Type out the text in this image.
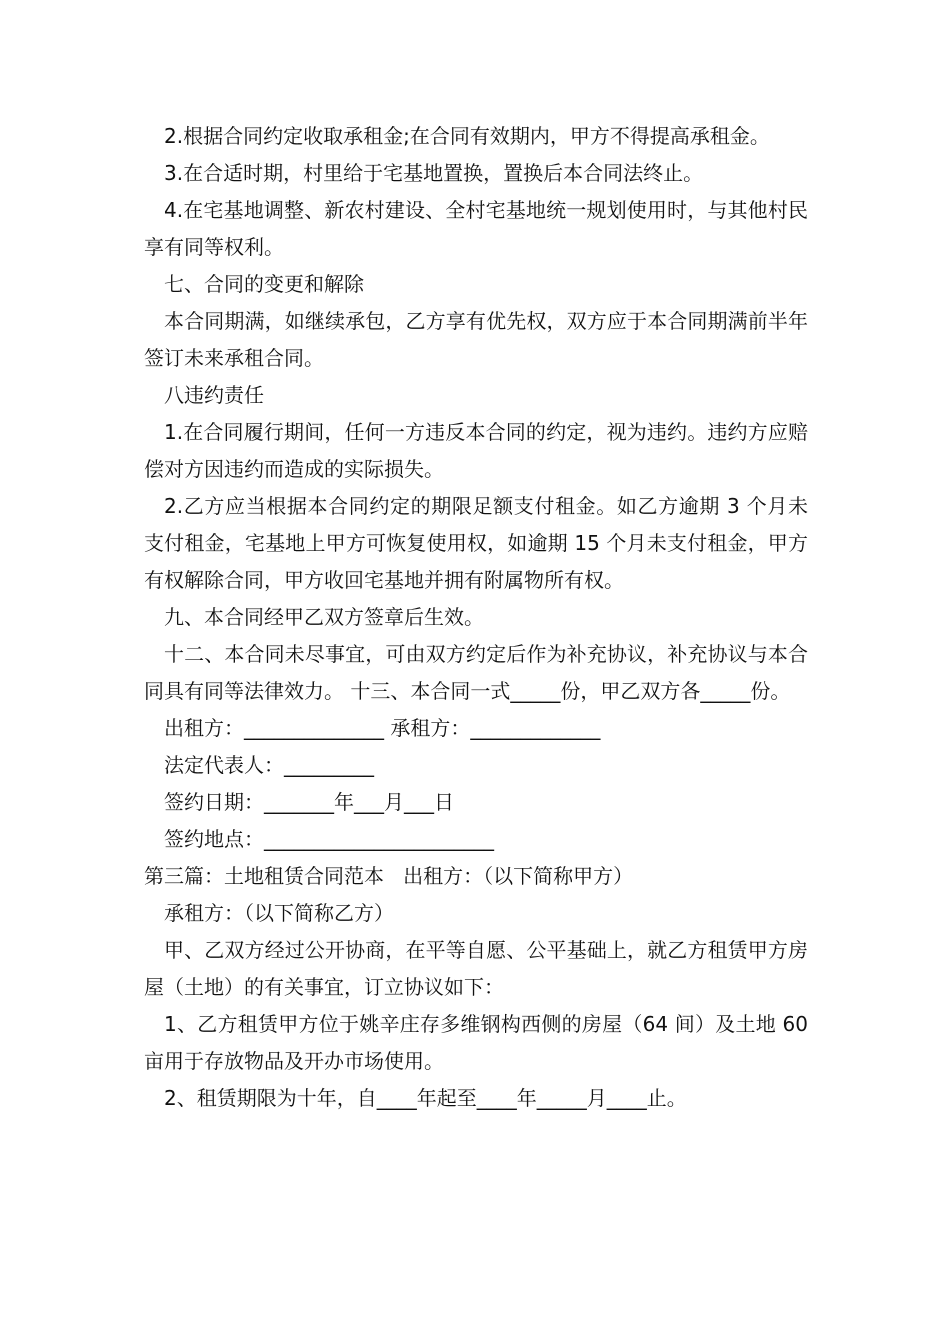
2.根据合同约定收取承租金;在合同有效期内，甲方不得提高承租金。

3.在合适时期，村里给于宅基地置换，置换后本合同法终止。

4.在宅基地调整、新农村建设、全村宅基地统一规划使用时，与其他村民享有同等权利。

七、合同的变更和解除

本合同期满，如继续承包，乙方享有优先权，双方应于本合同期满前半年签订未来承租合同。

八违约责任

1.在合同履行期间，任何一方违反本合同的约定，视为违约。违约方应赔偿对方因违约而造成的实际损失。

2.乙方应当根据本合同约定的期限足额支付租金。如乙方逾期 3 个月未支付租金，宅基地上甲方可恢复使用权，如逾期 15 个月未支付租金，甲方有权解除合同，甲方收回宅基地并拥有附属物所有权。

九、本合同经甲乙双方签章后生效。

十二、本合同未尽事宜，可由双方约定后作为补充协议，补充协议与本合同具有同等法律效力。 十三、本合同一式_____份，甲乙双方各_____份。

出租方：______________ 承租方：_____________

法定代表人：_________

签约日期：_______年___月___日

签约地点：_______________________

第三篇：土地租赁合同范本   出租方：（以下简称甲方）

承租方：（以下简称乙方）

甲、乙双方经过公开协商，在平等自愿、公平基础上，就乙方租赁甲方房屋（土地）的有关事宜，订立协议如下：

1、乙方租赁甲方位于姚辛庄存多维钢构西侧的房屋（64 间）及土地 60 亩用于存放物品及开办市场使用。

2、租赁期限为十年，自____年起至____年_____月____止。
